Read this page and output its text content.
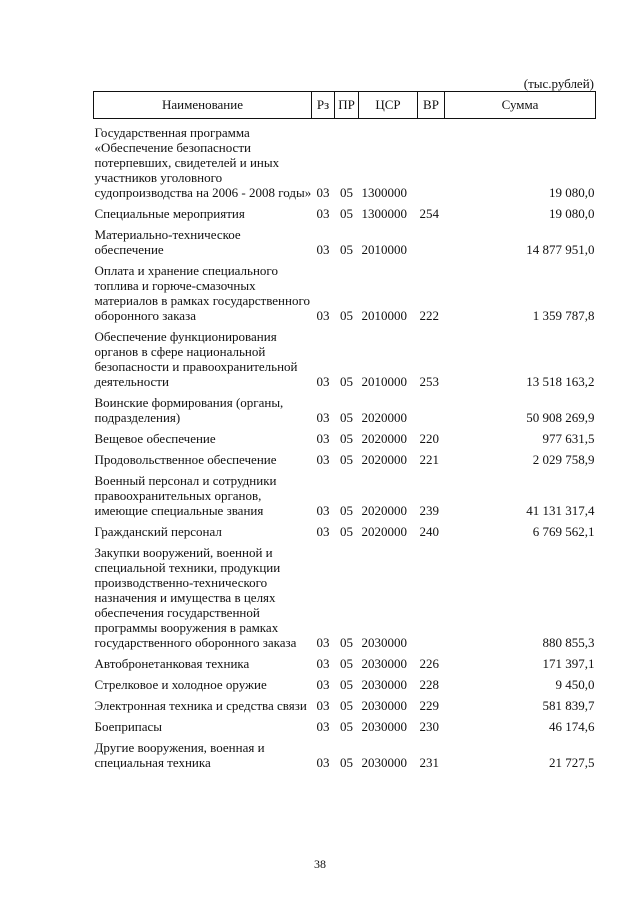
(тыс.рублей)
Наименование	Рз	ПР	ЦСР	ВР	Сумма
Государственная программа «Обеспечение безопасности потерпевших, свидетелей и иных участников уголовного судопроизводства на 2006 - 2008 годы»	03	05	1300000		19 080,0
Специальные мероприятия	03	05	1300000	254	19 080,0
Материально-техническое обеспечение	03	05	2010000		14 877 951,0
Оплата и хранение специального топлива и горюче-смазочных материалов в рамках государственного оборонного заказа	03	05	2010000	222	1 359 787,8
Обеспечение функционирования органов в сфере национальной безопасности и правоохранительной деятельности	03	05	2010000	253	13 518 163,2
Воинские формирования (органы, подразделения)	03	05	2020000		50 908 269,9
Вещевое обеспечение	03	05	2020000	220	977 631,5
Продовольственное обеспечение	03	05	2020000	221	2 029 758,9
Военный персонал и сотрудники правоохранительных органов, имеющие специальные звания	03	05	2020000	239	41 131 317,4
Гражданский персонал	03	05	2020000	240	6 769 562,1
Закупки вооружений, военной и специальной техники, продукции производственно-технического назначения и имущества в целях обеспечения государственной программы вооружения в рамках государственного оборонного заказа	03	05	2030000		880 855,3
Автобронетанковая техника	03	05	2030000	226	171 397,1
Стрелковое и холодное оружие	03	05	2030000	228	9 450,0
Электронная техника и средства связи	03	05	2030000	229	581 839,7
Боеприпасы	03	05	2030000	230	46 174,6
Другие вооружения, военная и специальная техника	03	05	2030000	231	21 727,5
38
